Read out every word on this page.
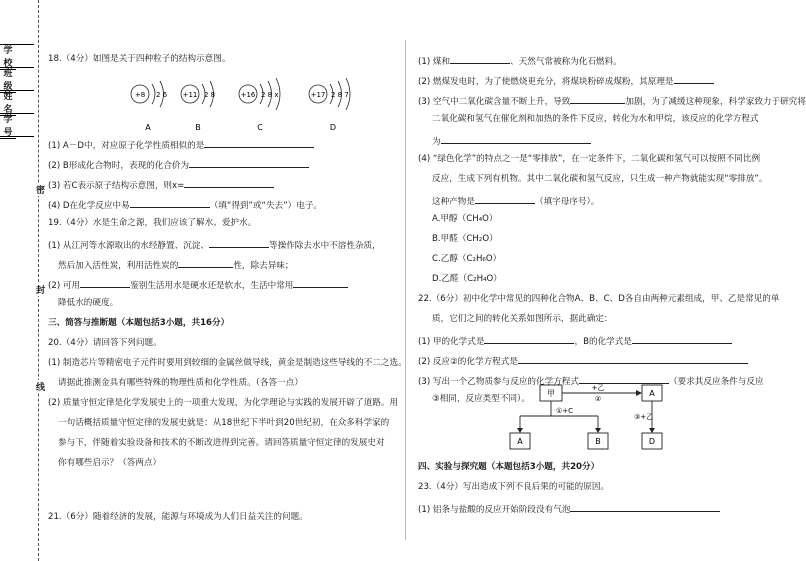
学 校
班 级
姓 名
学 号
密
封
线

18.（4分）如图是关于四种粒子的结构示意图。

+8 2 6
A
+11 2 8
B
+16 2 8 x
C
+17 2 8 7
D

(1) A－D中，对应原子化学性质相似的是

(2) B形成化合物时，表现的化合价为

(3) 若C表示原子结构示意图，则x=

(4) D在化学反应中易	（填“得到”或“失去”）电子。

19.（4分）水是生命之源，我们应该了解水、爱护水。

(1) 从江河等水源取出的水经静置、沉淀、	等操作除去水中不溶性杂质，

然后加入活性炭，利用活性炭的	性，除去异味；

(2) 可用	鉴别生活用水是硬水还是软水，生活中常用

降低水的硬度。

三、简答与推断题（本题包括3小题，共16分）

20.（4分）请回答下列问题。

(1) 制造芯片等精密电子元件时要用到较细的金属丝做导线，黄金是制造这些导线的不二之选。

请据此推测金具有哪些特殊的物理性质和化学性质。（各答一点）

(2) 质量守恒定律是化学发展史上的一项重大发现，为化学理论与实践的发展开辟了道路。用

一句话概括质量守恒定律的发展史就是：从18世纪下半叶到20世纪初，在众多科学家的

参与下，伴随着实验设备和技术的不断改进得到完善。请回答质量守恒定律的发展史对

你有哪些启示？（答两点）

21.（6分）随着经济的发展，能源与环境成为人们日益关注的问题。

(1) 煤和	、天然气常被称为化石燃料。

(2) 燃煤发电时，为了使燃烧更充分，将煤块粉碎成煤粉，其原理是

(3) 空气中二氧化碳含量不断上升，导致	加剧，为了减缓这种现象，科学家致力于研究将

二氧化碳和氢气在催化剂和加热的条件下反应，转化为水和甲烷，该反应的化学方程式

为

(4) “绿色化学”的特点之一是“零排放”，在一定条件下，二氧化碳和氢气可以按照不同比例

反应，生成下列有机物。其中二氧化碳和氢气反应，只生成一种产物就能实现“零排放”。

这种产物是	（填字母序号）。

A.甲醇（CH₄O）

B.甲醛（CH₂O）

C.乙醇（C₂H₆O）

D.乙醛（C₂H₄O）

22.（6分）初中化学中常见的四种化合物A、B、C、D各自由两种元素组成，甲、乙是常见的单

质，它们之间的转化关系如图所示，据此确定：

(1) 甲的化学式是	，B的化学式是

(2) 反应②的化学方程式是

(3) 写出一个乙物质参与反应的化学方程式	（要求其反应条件与反应

③相同，反应类型不同）。

甲
+乙
②
A
①+C
A	B
③+乙
D

四、实验与探究题（本题包括3小题，共20分）

23.（4分）写出造成下列不良后果的可能的原因。

(1) 铝条与盐酸的反应开始阶段没有气泡
